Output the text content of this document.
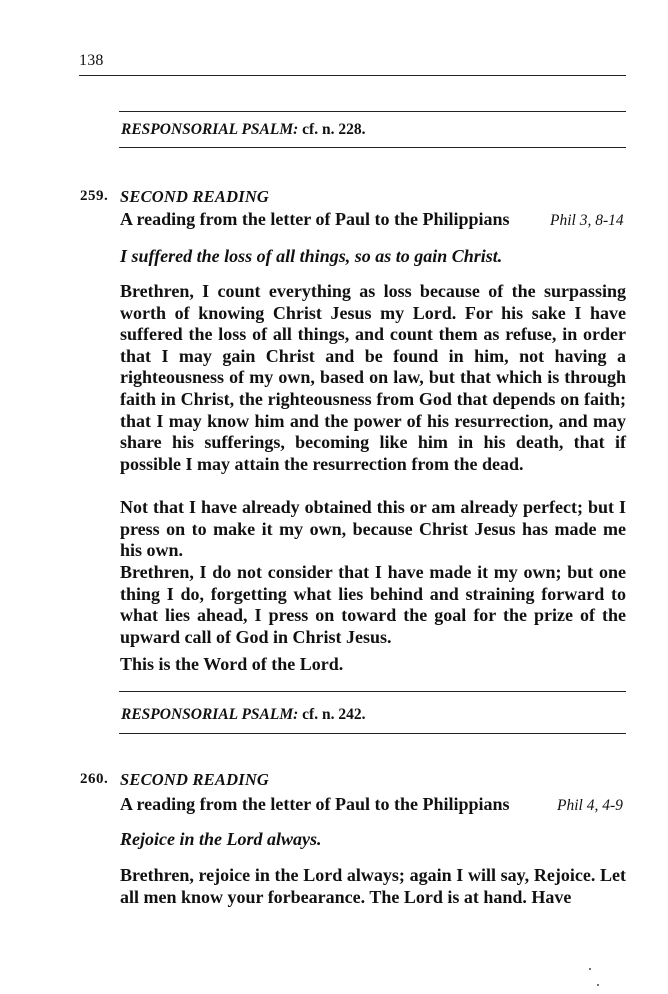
138
RESPONSORIAL PSALM: cf. n. 228.
259. SECOND READING
A reading from the letter of Paul to the Philippians	Phil 3, 8-14
I suffered the loss of all things, so as to gain Christ.

Brethren, I count everything as loss because of the surpassing worth of knowing Christ Jesus my Lord. For his sake I have suffered the loss of all things, and count them as refuse, in order that I may gain Christ and be found in him, not having a righteousness of my own, based on law, but that which is through faith in Christ, the righteousness from God that depends on faith; that I may know him and the power of his resurrection, and may share his sufferings, becoming like him in his death, that if possible I may attain the resurrection from the dead.

Not that I have already obtained this or am already perfect; but I press on to make it my own, because Christ Jesus has made me his own.

Brethren, I do not consider that I have made it my own; but one thing I do, forgetting what lies behind and straining forward to what lies ahead, I press on toward the goal for the prize of the upward call of God in Christ Jesus.

This is the Word of the Lord.
RESPONSORIAL PSALM: cf. n. 242.
260. SECOND READING
A reading from the letter of Paul to the Philippians	Phil 4, 4-9
Rejoice in the Lord always.

Brethren, rejoice in the Lord always; again I will say, Rejoice. Let all men know your forbearance. The Lord is at hand. Have
